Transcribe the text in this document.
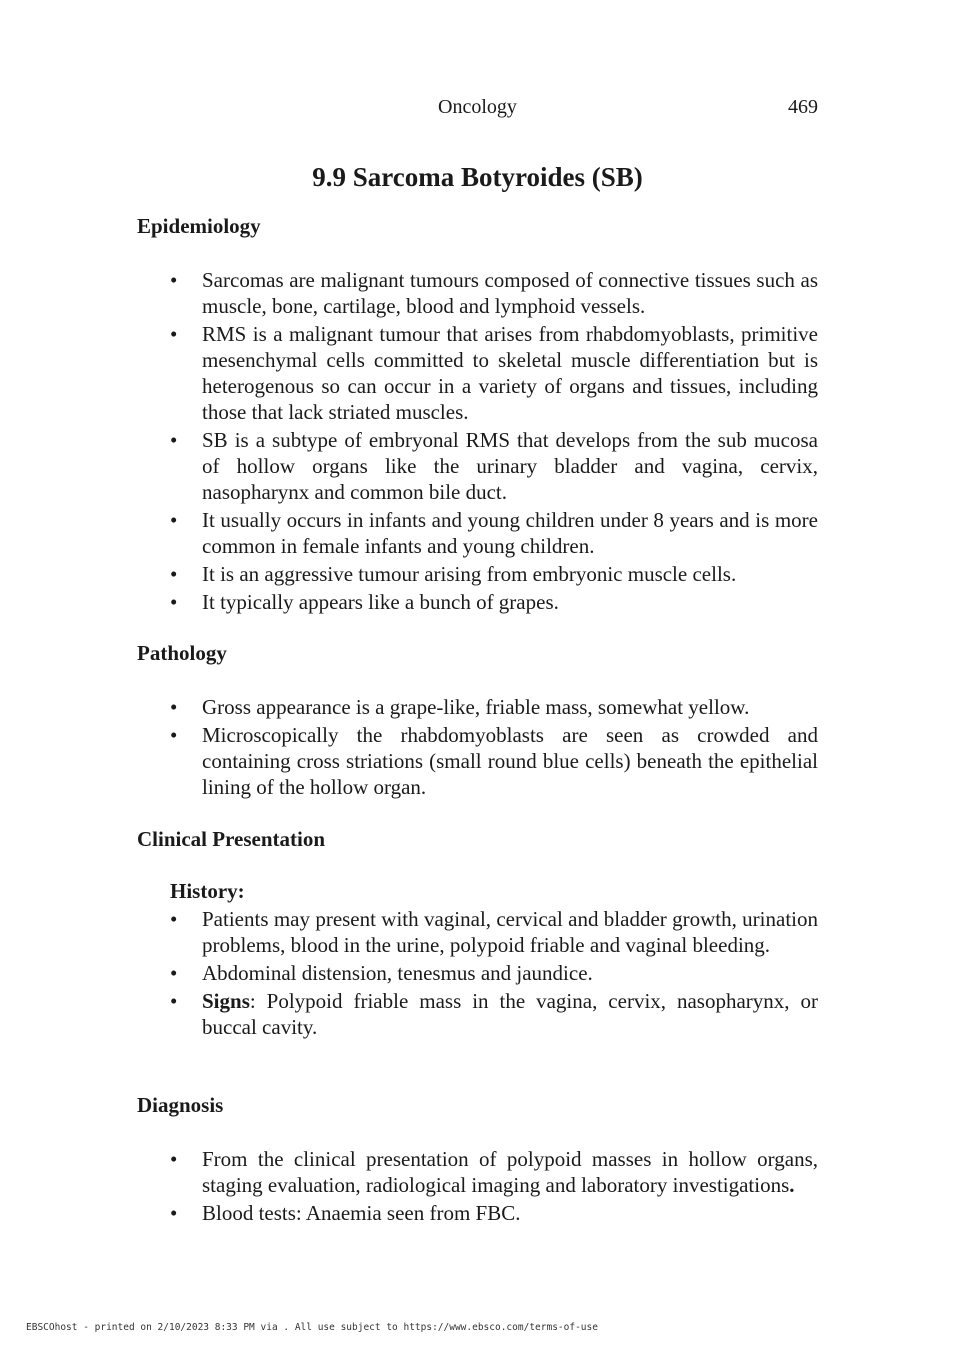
Oncology	469
9.9 Sarcoma Botyroides (SB)
Epidemiology
• Sarcomas are malignant tumours composed of connective tissues such as muscle, bone, cartilage, blood and lymphoid vessels.
• RMS is a malignant tumour that arises from rhabdomyoblasts, primitive mesenchymal cells committed to skeletal muscle differentiation but is heterogenous so can occur in a variety of organs and tissues, including those that lack striated muscles.
• SB is a subtype of embryonal RMS that develops from the sub mucosa of hollow organs like the urinary bladder and vagina, cervix, nasopharynx and common bile duct.
• It usually occurs in infants and young children under 8 years and is more common in female infants and young children.
• It is an aggressive tumour arising from embryonic muscle cells.
• It typically appears like a bunch of grapes.
Pathology
• Gross appearance is a grape-like, friable mass, somewhat yellow.
• Microscopically the rhabdomyoblasts are seen as crowded and containing cross striations (small round blue cells) beneath the epithelial lining of the hollow organ.
Clinical Presentation
History:
• Patients may present with vaginal, cervical and bladder growth, urination problems, blood in the urine, polypoid friable and vaginal bleeding.
• Abdominal distension, tenesmus and jaundice.
• Signs: Polypoid friable mass in the vagina, cervix, nasopharynx, or buccal cavity.
Diagnosis
• From the clinical presentation of polypoid masses in hollow organs, staging evaluation, radiological imaging and laboratory investigations.
• Blood tests: Anaemia seen from FBC.
EBSCOhost - printed on 2/10/2023 8:33 PM via . All use subject to https://www.ebsco.com/terms-of-use
